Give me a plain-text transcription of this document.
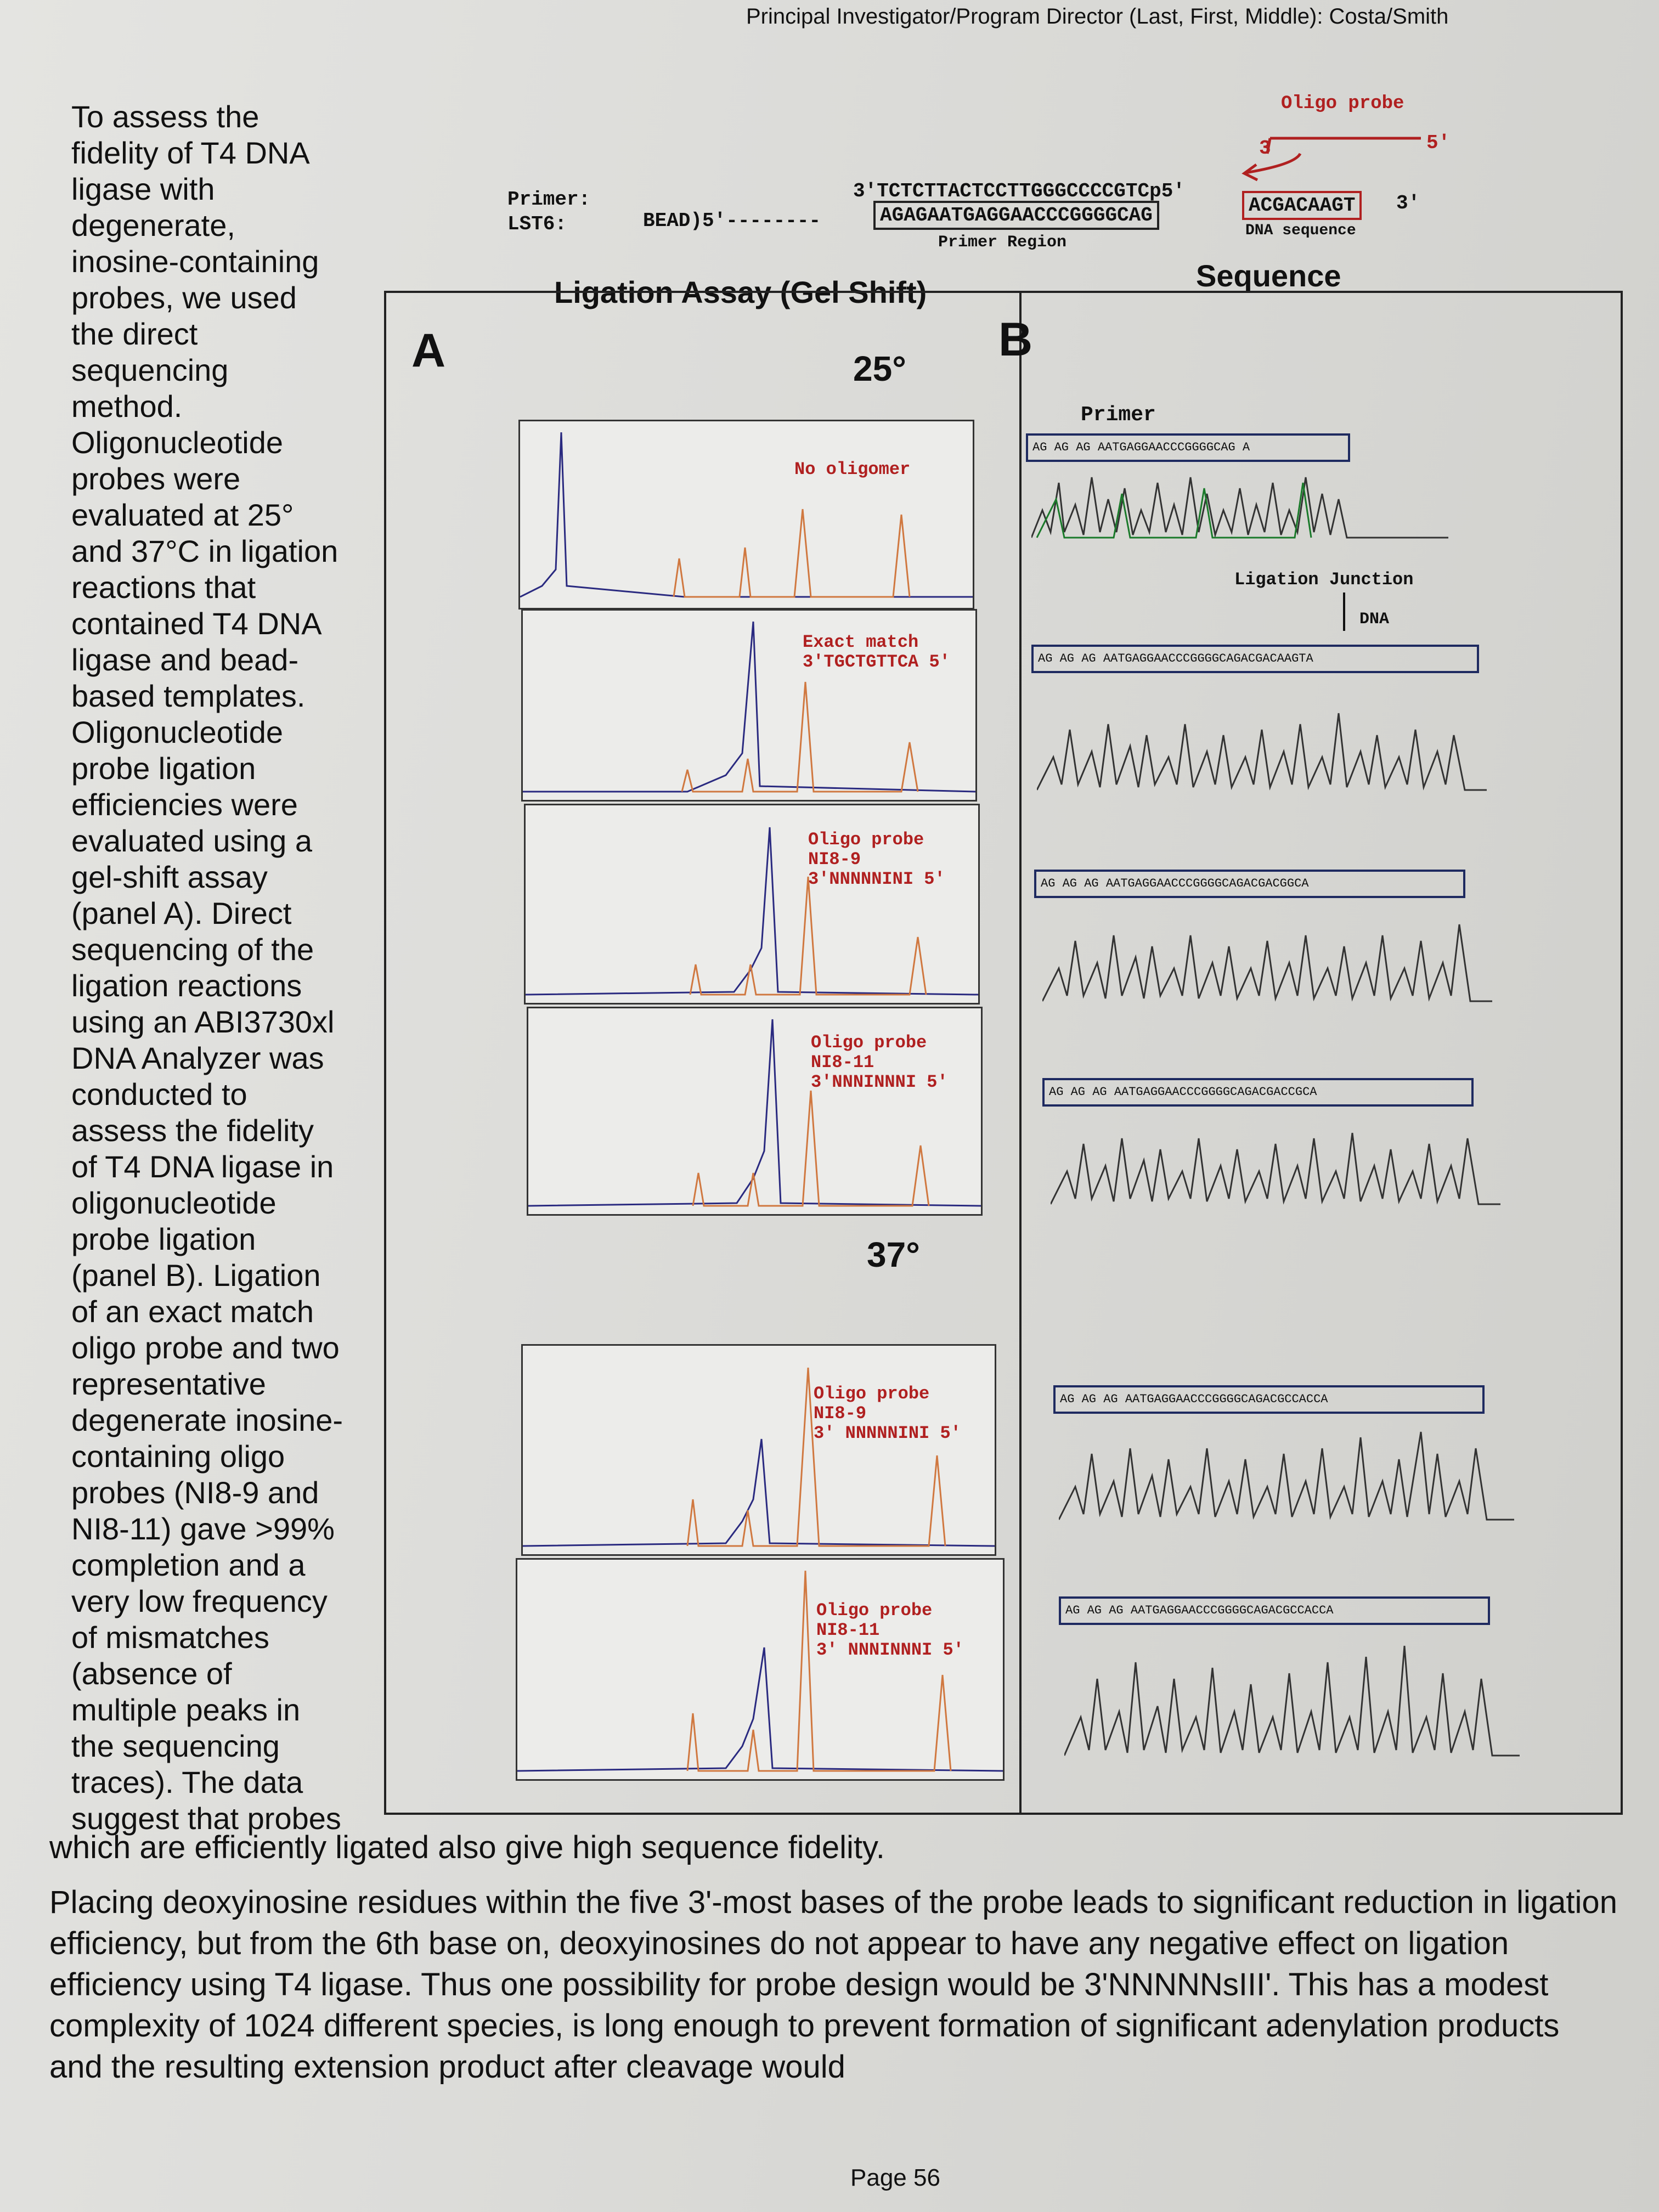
Principal Investigator/Program Director (Last, First, Middle): Costa/Smith
Oligo probe
3	5'
Primer:
LST6:
3'TCTCTTACTCCTTGGGCCCCGTCp5'
BEAD)5'--------	AGAGAATGAGGAACCCGGGGCAG	ACGACAAGT	3'
Primer Region
DNA sequence
Ligation Assay (Gel Shift)	Sequence
A	B
25°
37°
No oligomer
Exact match
3'TGCTGTTCA 5'
Oligo probe
NI8-9
3'NNNNNINI 5'
Oligo probe
NI8-11
3'NNNINNNI 5'
Oligo probe
NI8-9
3' NNNNNINI 5'
Oligo probe
NI8-11
3' NNNINNNI 5'
Primer
Ligation Junction
DNA
AG AG AG AATGAGGAACCCGGGGCAG A
AG AG AG AATGAGGAACCCGGGGCAGACGACAAGTA
AG AG AG AATGAGGAACCCGGGGCAGACGACGGCA
AG AG AG AATGAGGAACCCGGGGCAGACGACCGCA
AG AG AG AATGAGGAACCCGGGGCAGACGCCACCA
AG AG AG AATGAGGAACCCGGGGCAGACGCCACCA

To assess the

fidelity of T4 DNA

ligase with

degenerate,

inosine-containing

probes, we used

the direct

sequencing

method.

Oligonucleotide

probes were

evaluated at 25°

and 37°C in ligation

reactions that

contained T4 DNA

ligase and bead-

based templates.

Oligonucleotide

probe ligation

efficiencies were

evaluated using a

gel-shift assay

(panel A). Direct

sequencing of the

ligation reactions

using an ABI3730xl

DNA Analyzer was

conducted to

assess the fidelity

of T4 DNA ligase in

oligonucleotide

probe ligation

(panel B). Ligation

of an exact match

oligo probe and two

representative

degenerate inosine-

containing oligo

probes (NI8-9 and

NI8-11) gave >99%

completion and a

very low frequency

of mismatches

(absence of

multiple peaks in

the sequencing

traces). The data

suggest that probes

which are efficiently ligated also give high sequence fidelity.
Placing deoxyinosine residues within the five 3'-most bases of the probe leads to significant reduction in ligation efficiency, but from the 6th base on, deoxyinosines do not appear to have any negative effect on ligation efficiency using T4 ligase. Thus one possibility for probe design would be 3'NNNNNsIII'. This has a modest complexity of 1024 different species, is long enough to prevent formation of significant adenylation products and the resulting extension product after cleavage would
Page 56
